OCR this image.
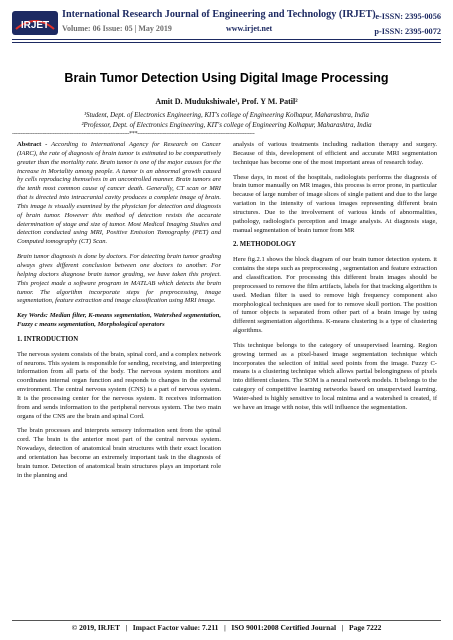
IRJET
International Research Journal of Engineering and Technology (IRJET)
Volume: 06 Issue: 05 | May 2019	www.irjet.net
e-ISSN: 2395-0056
p-ISSN: 2395-0072
Brain Tumor Detection Using Digital Image Processing
Amit D. Mudukshiwale¹, Prof. Y M. Patil²
¹Student, Dept. of Electronics Engineering, KIT's college of Engineering Kolhapur, Maharashtra, India
²Professor, Dept. of Electronics Engineering, KIT's college of Engineering Kolhapur, Maharashtra, India
---------------------------------------------------------------------***---------------------------------------------------------------------

Abstract - According to International Agency for Research on Cancer (IARC), the rate of diagnosis of brain tumor is estimated to be comparatively greater than the mortality rate. Brain tumor is one of the major causes for the increase in Mortality among people. A tumor is an abnormal growth caused by cells reproducing themselves in an uncontrolled manner. Brain tumors are the tenth most common cause of cancer death. Generally, CT scan or MRI that is directed into intracranial cavity produces a complete image of brain. This image is visually examined by the physician for detection and diagnosis of brain tumor. However this method of detection resists the accurate determination of stage and size of tumor. Most Medical Imaging Studies and detection conducted using MRI, Positive Emission Tomography (PET) and Computed tomography (CT) Scan.

Brain tumor diagnosis is done by doctors. For detecting brain tumor grading always gives different conclusion between one doctors to another. For helping doctors diagnose brain tumor grading, we have taken this project. This project made a software program in MATLAB which detects the brain tumor. The algorithm incorporate steps for preprocessing, image segmentation, feature extraction and image classification using MRI image.

Key Words: Median filter, K-means segmentation, Watershed segmentation, Fuzzy c means segmentation, Morphological operators

1. INTRODUCTION

The nervous system consists of the brain, spinal cord, and a complex network of neurons. This system is responsible for sending, receiving, and interpreting information from all parts of the body. The nervous system monitors and coordinates internal organ function and responds to changes in the external environment. The central nervous system (CNS) is a part of nervous system. It is the processing center for the nervous system. It receives information from and sends information to the peripheral nervous system. The two main organs of the CNS are the brain and spinal Cord.

The brain processes and interprets sensory information sent from the spinal cord. The brain is the anterior most part of the central nervous system. Nowadays, detection of anatomical brain structures with their exact location and orientation has become an extremely important task in the diagnosis of brain tumor. Detection of anatomical brain structures plays an important role in the planning and

analysis of various treatments including radiation therapy and surgery. Because of this, development of efficient and accurate MRI segmentation technique has become one of the most important areas of research today.

These days, in most of the hospitals, radiologists performs the diagnosis of brain tumor manually on MR images, this process is error prone, in particular because of large number of image slices of single patient and due to the large variation in the intensity of various images representing different brain structures. Due to the involvement of various kinds of abnormalities, pathology, radiologist's perception and image analysis. At diagnosis stage, manual segmentation of brain tumor from MR

2. METHODOLOGY

Here fig.2.1 shows the block diagram of our brain tumor detection system. it contains the steps such as preprocessing , segmentation and feature extraction and classification. For processing this different brain images should be preprocessed to remove the film artifacts, labels for that tracking algorithm is used. Median filter is used to remove high frequency component also morphological techniques are used for to remove skull portion. The position of tumor objects is separated from other part of a brain image by using different segmentation algorithms. K-means clustering is a type of clustering algorithms.

This technique belongs to the category of unsupervised learning. Region growing termed as a pixel-based image segmentation technique which incorporates the selection of initial seed points from the image. Fuzzy C-means is a clustering technique which allows partial belongingness of pixels into different clusters. The SOM is a neural network models. It belongs to the category of competitive learning networks based on unsupervised learning. Water-shed is highly sensitive to local minima and a watershed is created, if we have an image with noise, this will influence the segmentation.

© 2019, IRJET   |   Impact Factor value: 7.211   |   ISO 9001:2008 Certified Journal   |   Page 7222
